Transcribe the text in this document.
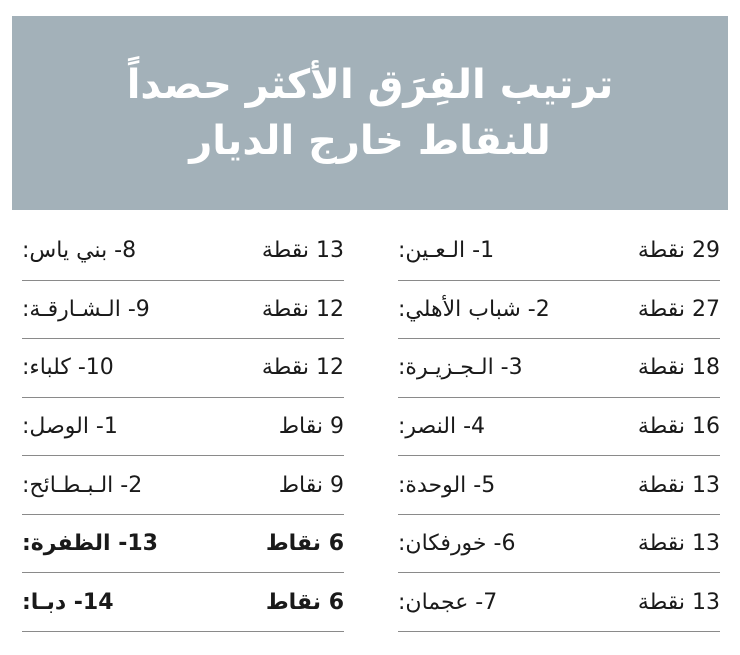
ترتيب الفِرَق الأكثر حصداً
للنقاط خارج الديار
1- الـعـين:	29 نقطة
2- شباب الأهلي:	27 نقطة
3- الـجـزيـرة:	18 نقطة
4- النصر:	16 نقطة
5- الوحدة:	13 نقطة
6- خورفكان:	13 نقطة
7- عجمان:	13 نقطة
8- بني ياس:	13 نقطة
9- الـشـارقـة:	12 نقطة
10- كلباء:	12 نقطة
1- الوصل:	9 نقاط
2- الـبـطـائح:	9 نقاط
13- الظفرة:	6 نقاط
14- دبـا:	6 نقاط
